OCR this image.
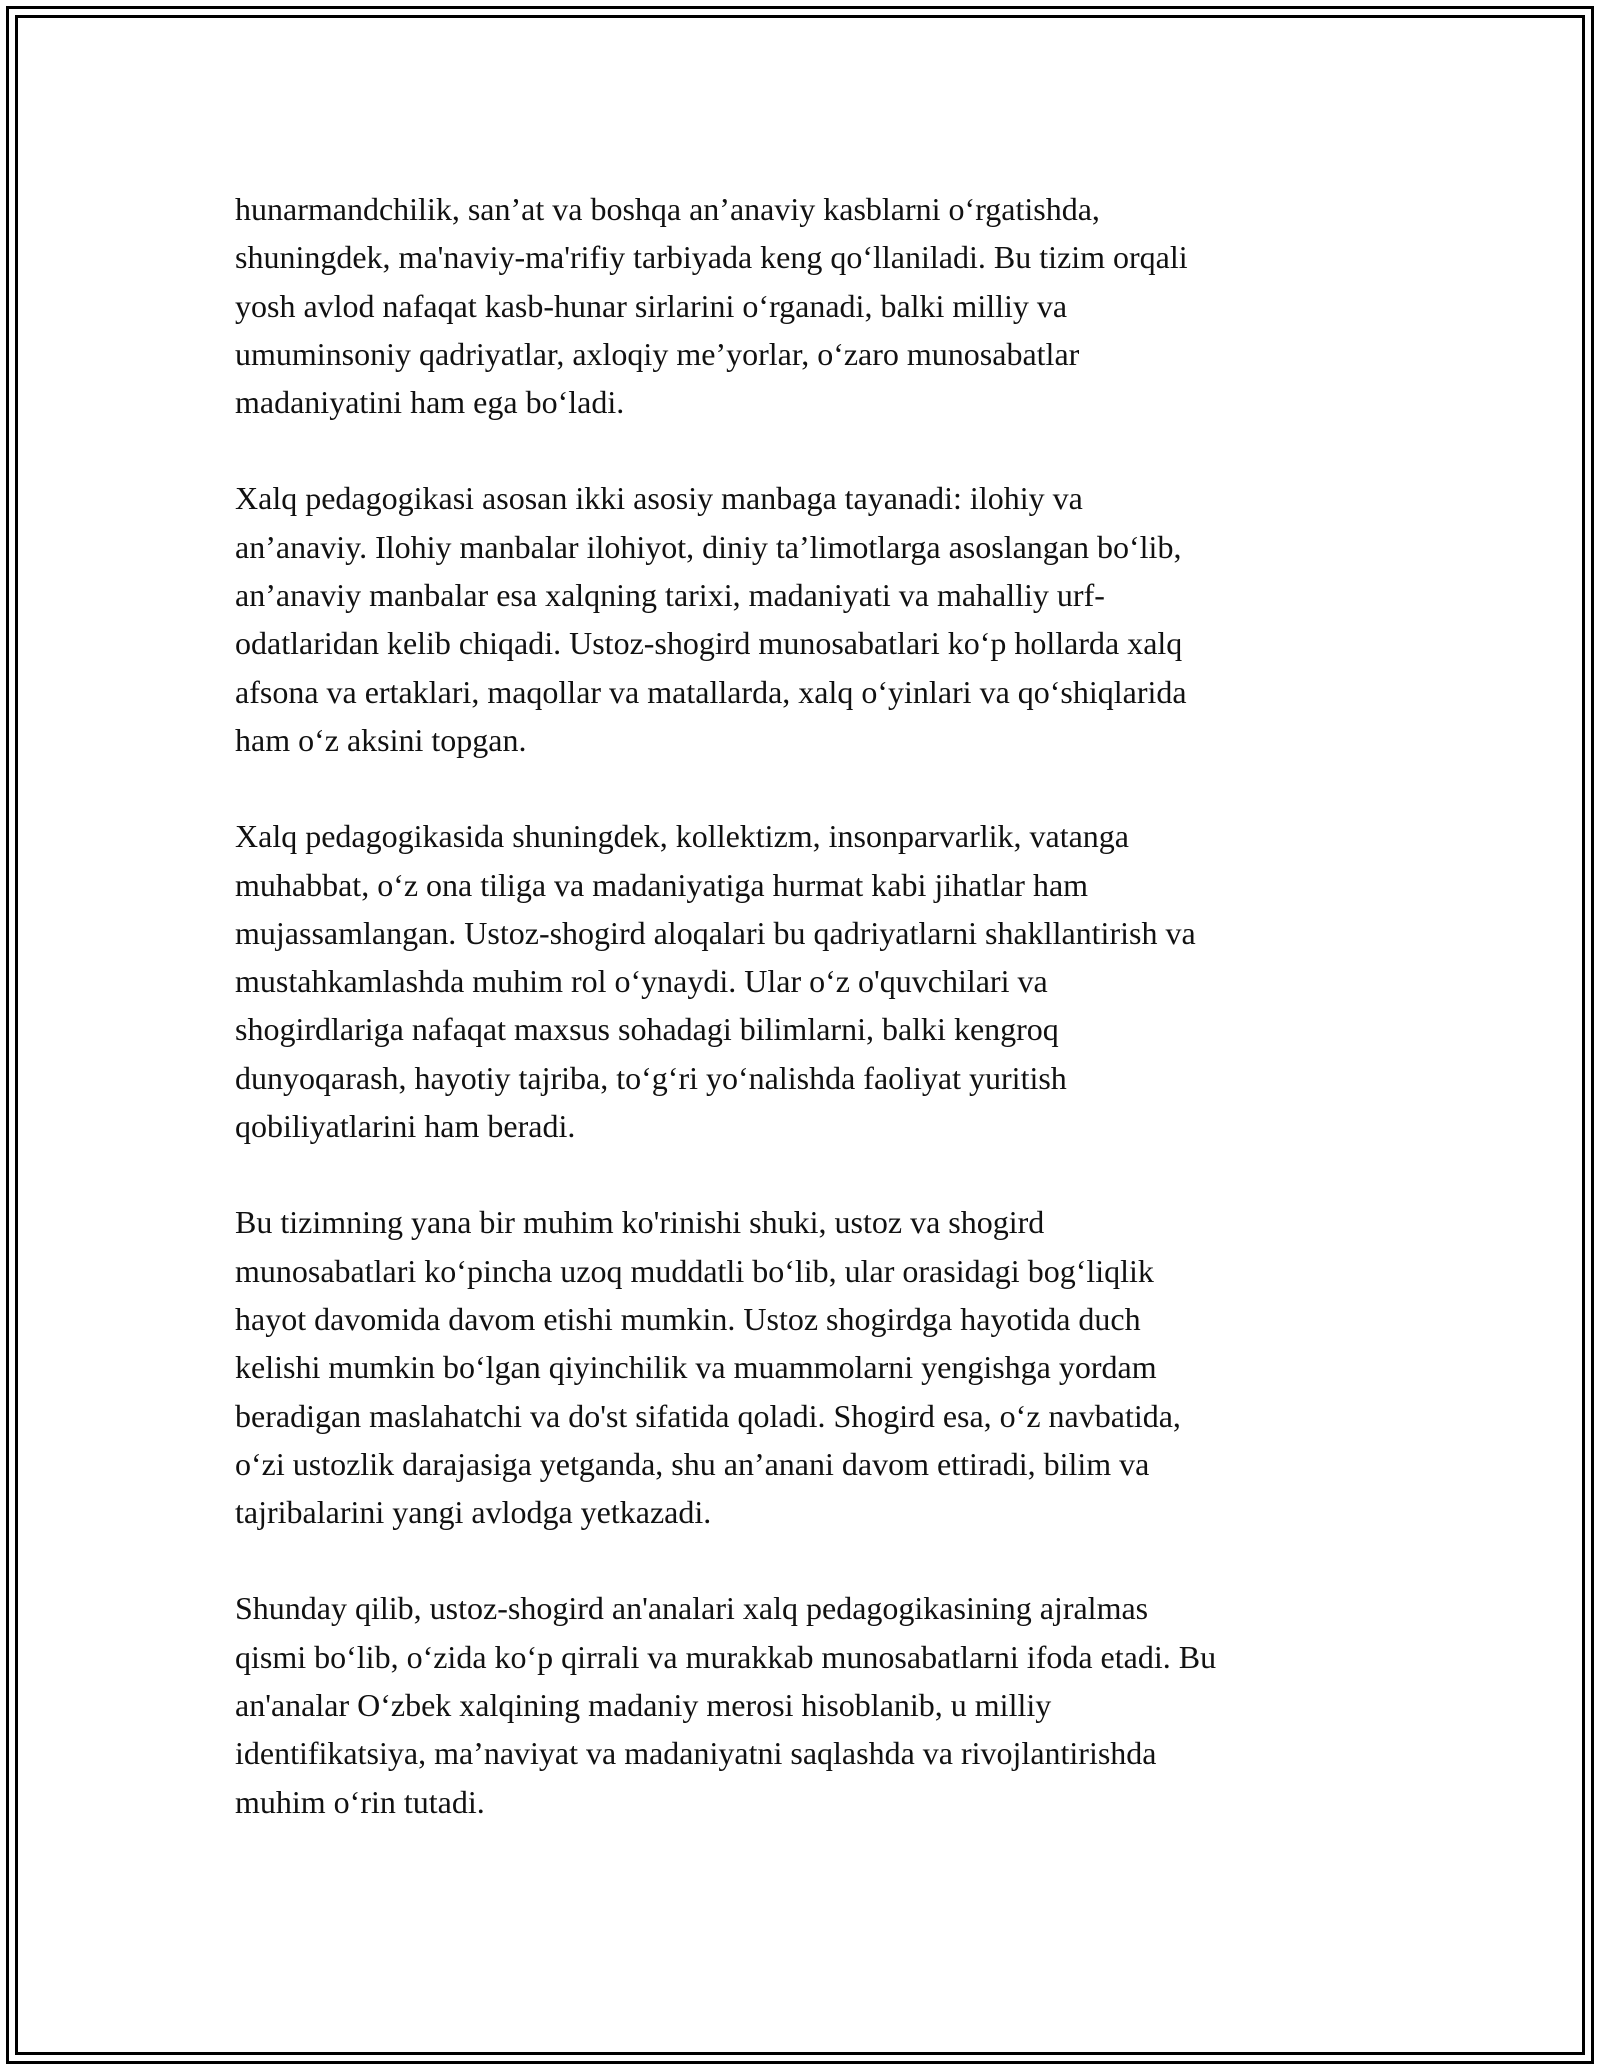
hunarmandchilik, san’at va boshqa an’anaviy kasblarni o‘rgatishda,
shuningdek, ma'naviy-ma'rifiy tarbiyada keng qo‘llaniladi. Bu tizim orqali
yosh avlod nafaqat kasb-hunar sirlarini o‘rganadi, balki milliy va
umuminsoniy qadriyatlar, axloqiy me’yorlar, o‘zaro munosabatlar
madaniyatini ham ega bo‘ladi.

Xalq pedagogikasi asosan ikki asosiy manbaga tayanadi: ilohiy va
an’anaviy. Ilohiy manbalar ilohiyot, diniy ta’limotlarga asoslangan bo‘lib,
an’anaviy manbalar esa xalqning tarixi, madaniyati va mahalliy urf-
odatlaridan kelib chiqadi. Ustoz-shogird munosabatlari ko‘p hollarda xalq
afsona va ertaklari, maqollar va matallarda, xalq o‘yinlari va qo‘shiqlarida
ham o‘z aksini topgan.

Xalq pedagogikasida shuningdek, kollektizm, insonparvarlik, vatanga
muhabbat, o‘z ona tiliga va madaniyatiga hurmat kabi jihatlar ham
mujassamlangan. Ustoz-shogird aloqalari bu qadriyatlarni shakllantirish va
mustahkamlashda muhim rol o‘ynaydi. Ular o‘z o'quvchilari va
shogirdlariga nafaqat maxsus sohadagi bilimlarni, balki kengroq
dunyoqarash, hayotiy tajriba, to‘g‘ri yo‘nalishda faoliyat yuritish
qobiliyatlarini ham beradi.

Bu tizimning yana bir muhim ko'rinishi shuki, ustoz va shogird
munosabatlari ko‘pincha uzoq muddatli bo‘lib, ular orasidagi bog‘liqlik
hayot davomida davom etishi mumkin. Ustoz shogirdga hayotida duch
kelishi mumkin bo‘lgan qiyinchilik va muammolarni yengishga yordam
beradigan maslahatchi va do'st sifatida qoladi. Shogird esa, o‘z navbatida,
o‘zi ustozlik darajasiga yetganda, shu an’anani davom ettiradi, bilim va
tajribalarini yangi avlodga yetkazadi.

Shunday qilib, ustoz-shogird an'analari xalq pedagogikasining ajralmas
qismi bo‘lib, o‘zida ko‘p qirrali va murakkab munosabatlarni ifoda etadi. Bu
an'analar O‘zbek xalqining madaniy merosi hisoblanib, u milliy
identifikatsiya, ma’naviyat va madaniyatni saqlashda va rivojlantirishda
muhim o‘rin tutadi.
